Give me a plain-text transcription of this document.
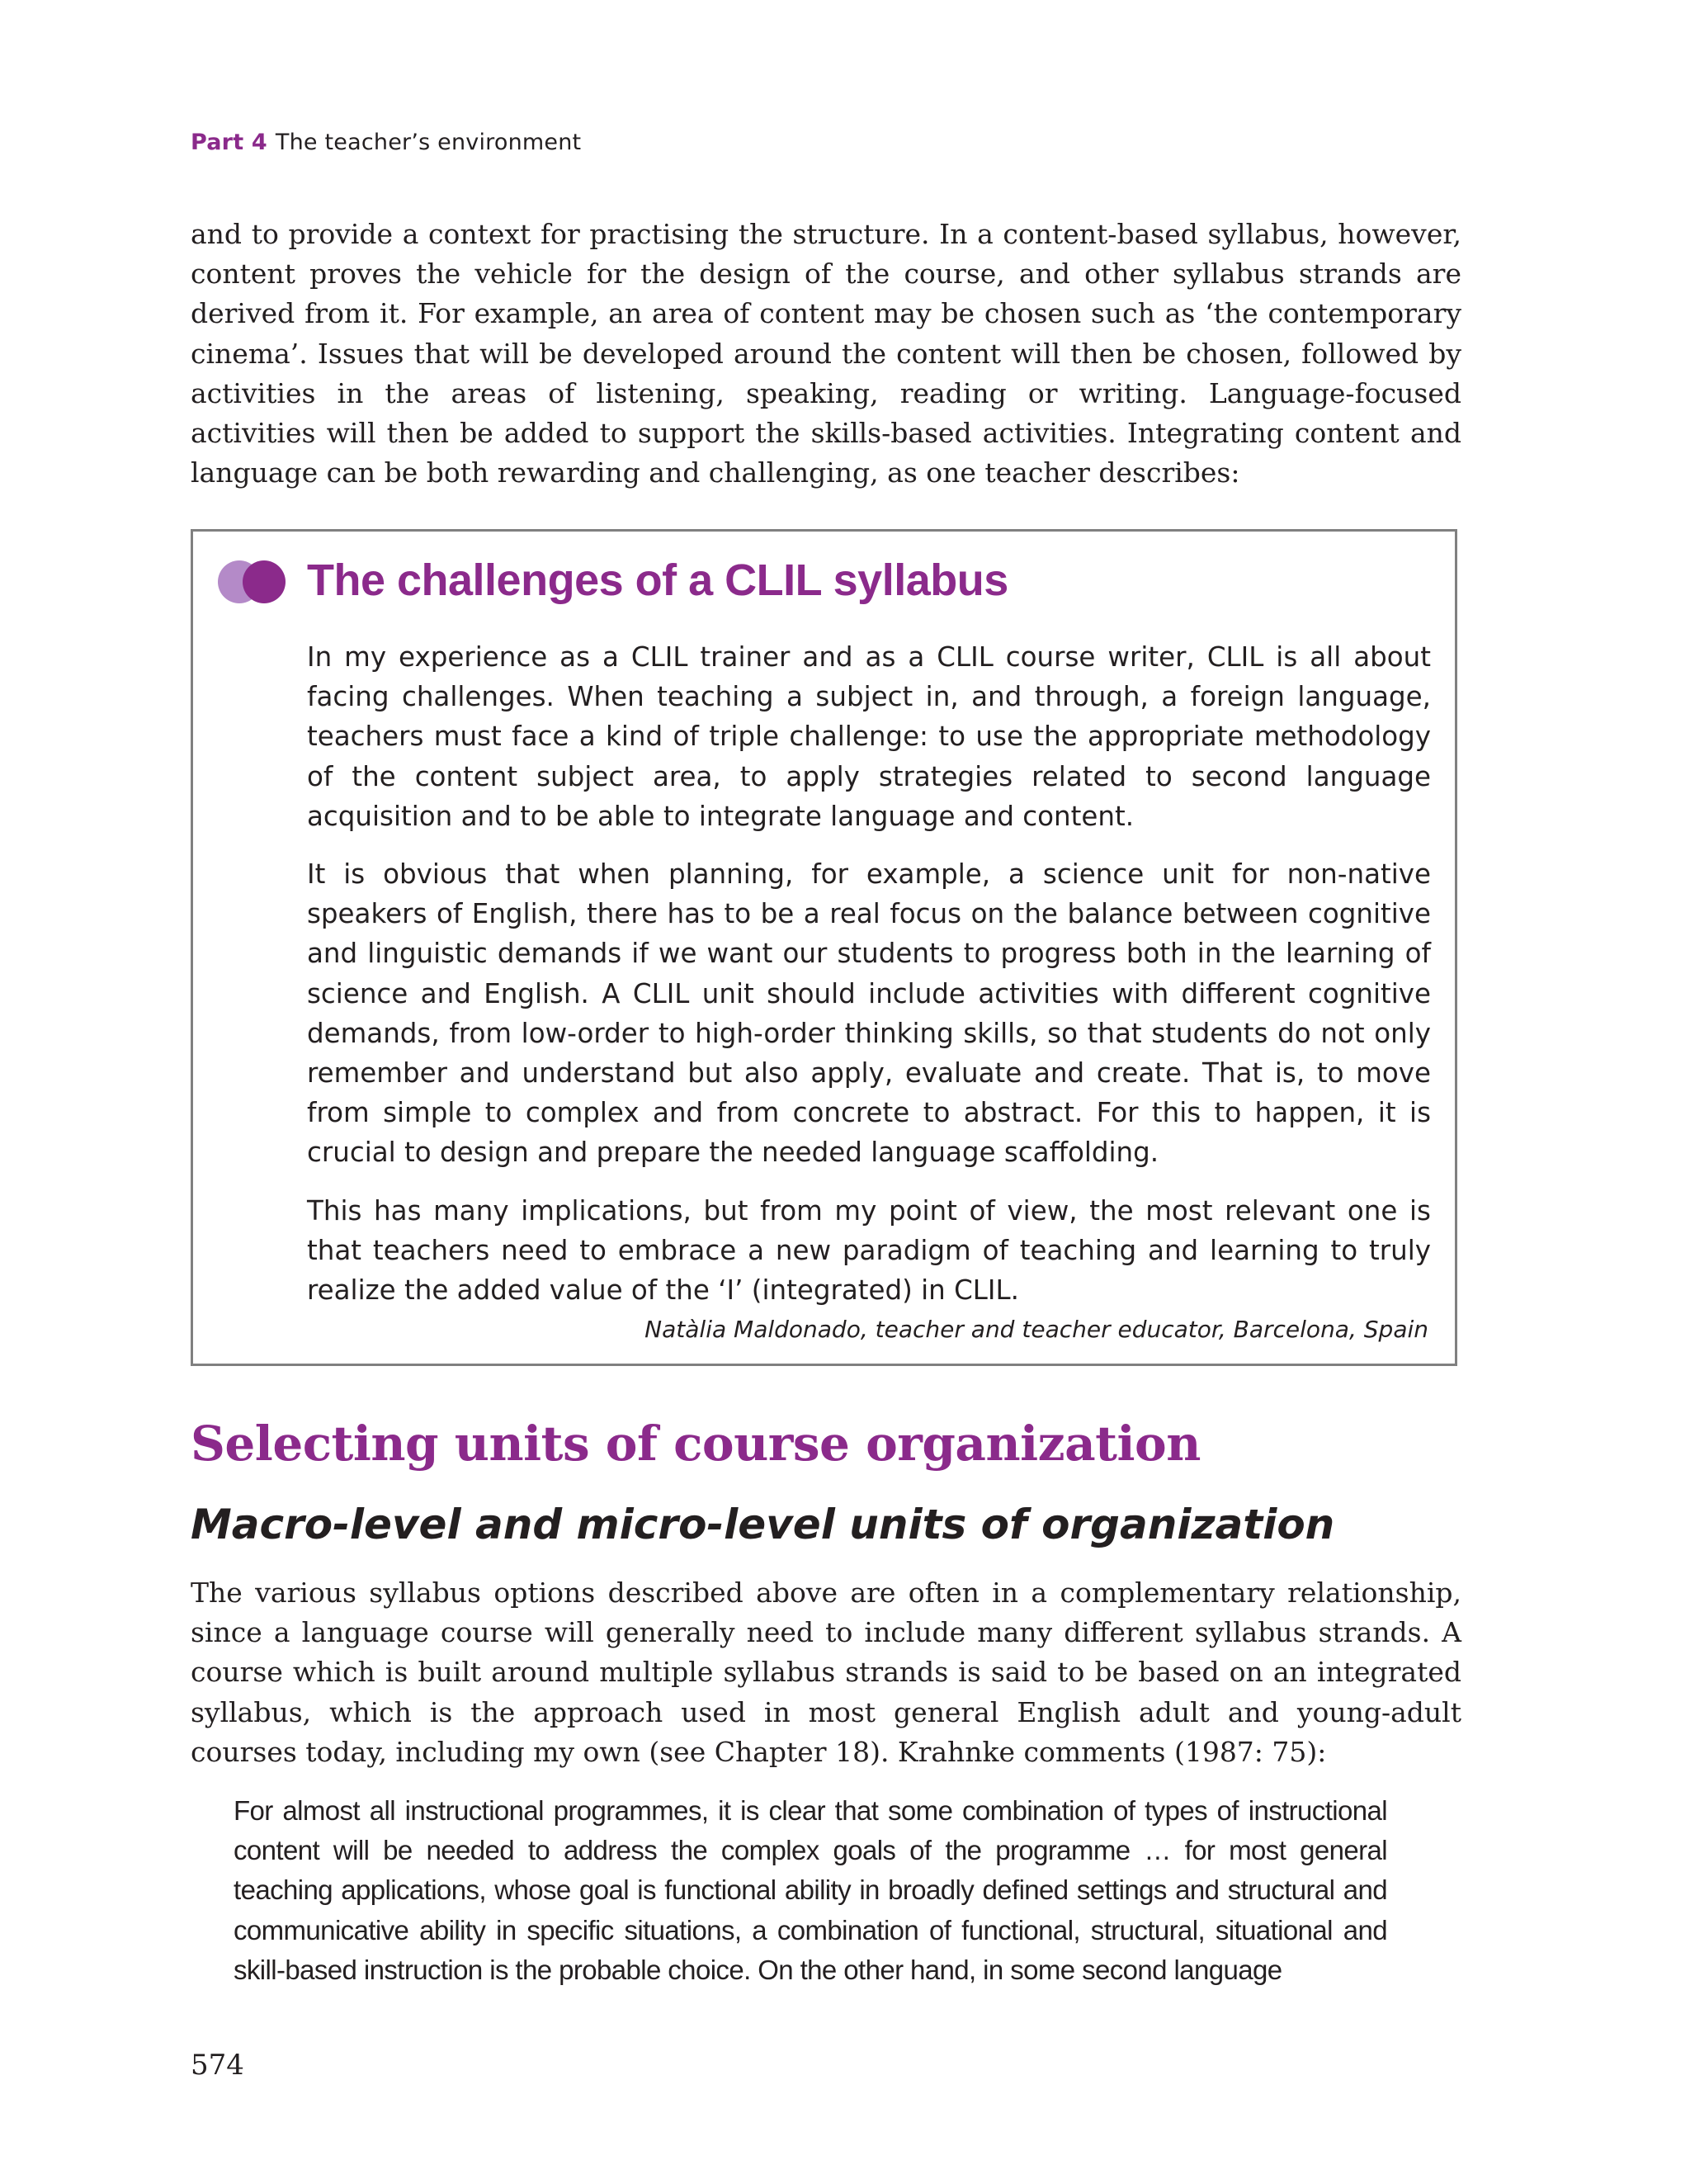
Part 4 The teacher’s environment

and to provide a context for practising the structure. In a content-based syllabus, however, content proves the vehicle for the design of the course, and other syllabus strands are derived from it. For example, an area of content may be chosen such as ‘the contemporary cinema’. Issues that will be developed around the content will then be chosen, followed by activities in the areas of listening, speaking, reading or writing. Language-focused activities will then be added to support the skills-based activities. Integrating content and language can be both rewarding and challenging, as one teacher describes:

The challenges of a CLIL syllabus

In my experience as a CLIL trainer and as a CLIL course writer, CLIL is all about facing challenges. When teaching a subject in, and through, a foreign language, teachers must face a kind of triple challenge: to use the appropriate methodology of the content subject area, to apply strategies related to second language acquisition and to be able to integrate language and content.

It is obvious that when planning, for example, a science unit for non-native speakers of English, there has to be a real focus on the balance between cognitive and linguistic demands if we want our students to progress both in the learning of science and English. A CLIL unit should include activities with different cognitive demands, from low-order to high-order thinking skills, so that students do not only remember and understand but also apply, evaluate and create. That is, to move from simple to complex and from concrete to abstract. For this to happen, it is crucial to design and prepare the needed language scaffolding.

This has many implications, but from my point of view, the most relevant one is that teachers need to embrace a new paradigm of teaching and learning to truly realize the added value of the ‘I’ (integrated) in CLIL.

Natàlia Maldonado, teacher and teacher educator, Barcelona, Spain
Selecting units of course organization
Macro-level and micro-level units of organization

The various syllabus options described above are often in a complementary relationship, since a language course will generally need to include many different syllabus strands. A course which is built around multiple syllabus strands is said to be based on an integrated syllabus, which is the approach used in most general English adult and young-adult courses today, including my own (see Chapter 18). Krahnke comments (1987: 75):

For almost all instructional programmes, it is clear that some combination of types of instructional content will be needed to address the complex goals of the programme … for most general teaching applications, whose goal is functional ability in broadly defined settings and structural and communicative ability in specific situations, a combination of functional, structural, situational and skill-based instruction is the probable choice. On the other hand, in some second language

574
